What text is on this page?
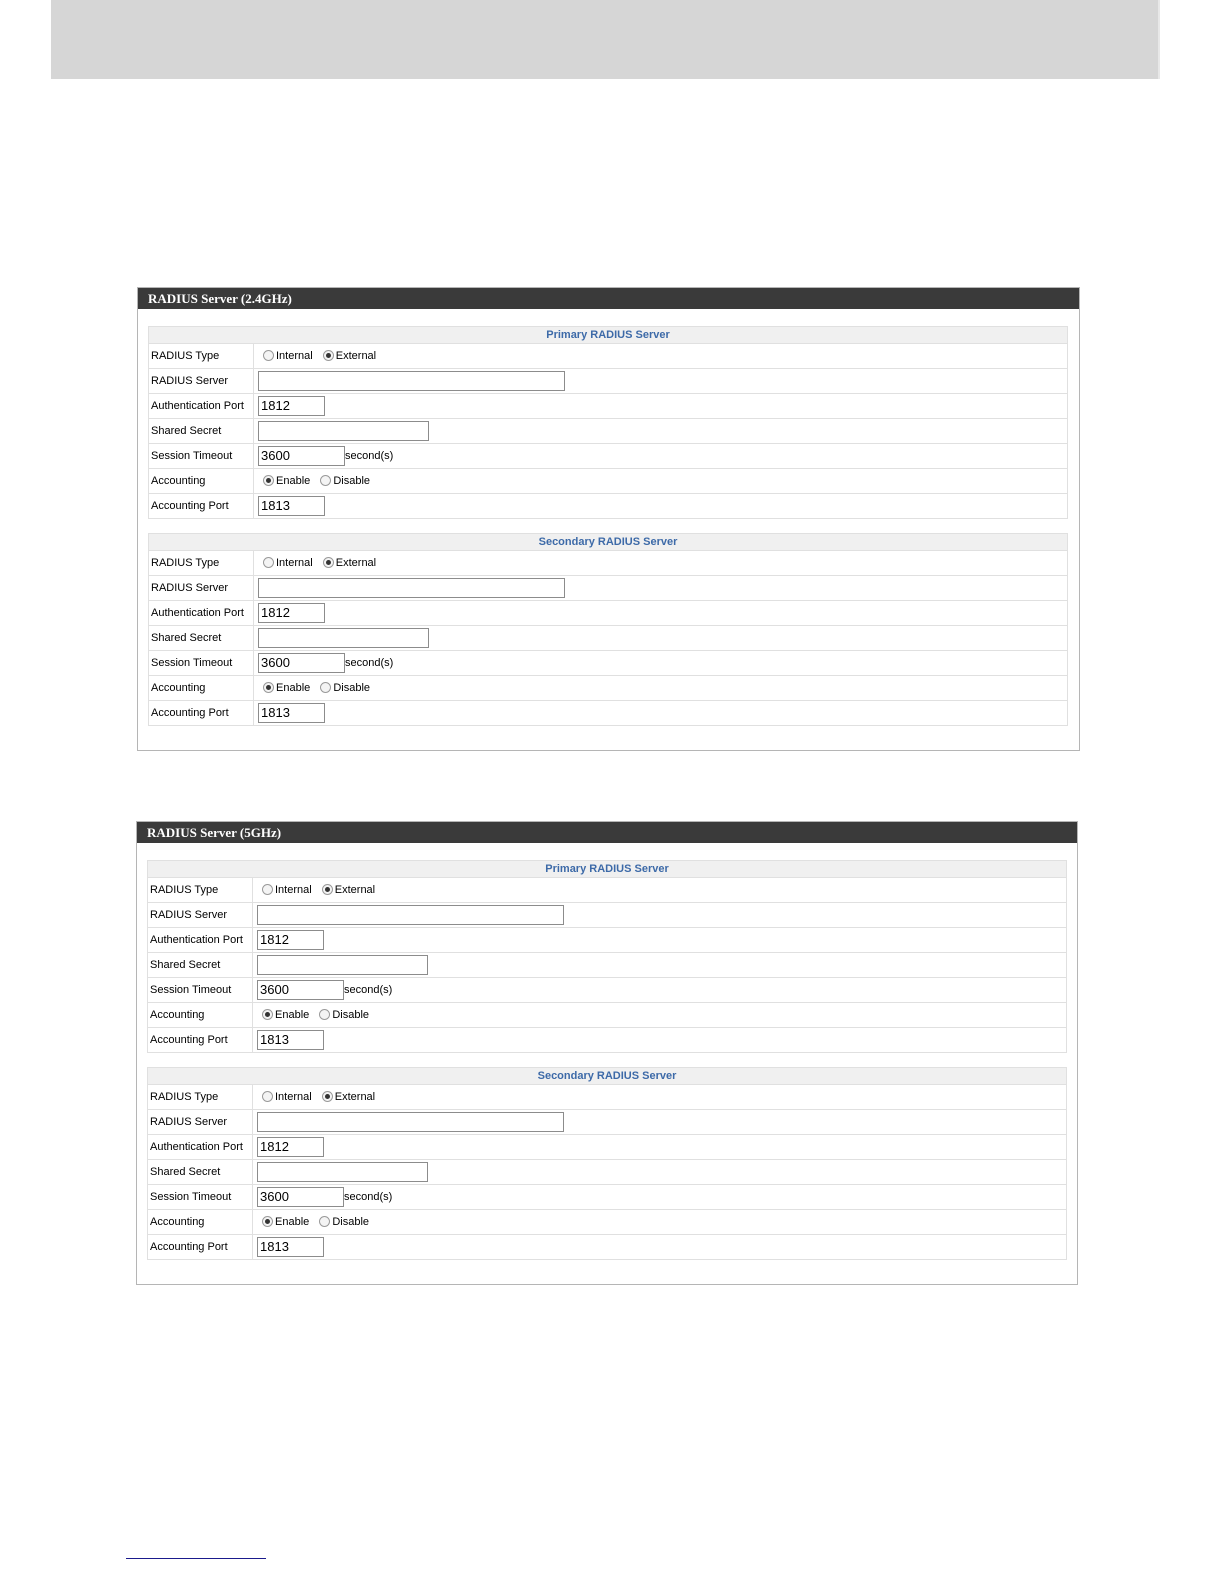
RADIUS Server (2.4GHz)
Primary RADIUS Server	
RADIUS Type	Internal External
RADIUS Server	
Authentication Port	1812
Shared Secret	
Session Timeout	3600 second(s)
Accounting	Enable Disable
Accounting Port	1813
Secondary RADIUS Server	
RADIUS Type	Internal External
RADIUS Server	
Authentication Port	1812
Shared Secret	
Session Timeout	3600 second(s)
Accounting	Enable Disable
Accounting Port	1813
RADIUS Server (5GHz)
Primary RADIUS Server	
RADIUS Type	Internal External
RADIUS Server	
Authentication Port	1812
Shared Secret	
Session Timeout	3600 second(s)
Accounting	Enable Disable
Accounting Port	1813
Secondary RADIUS Server	
RADIUS Type	Internal External
RADIUS Server	
Authentication Port	1812
Shared Secret	
Session Timeout	3600 second(s)
Accounting	Enable Disable
Accounting Port	1813
